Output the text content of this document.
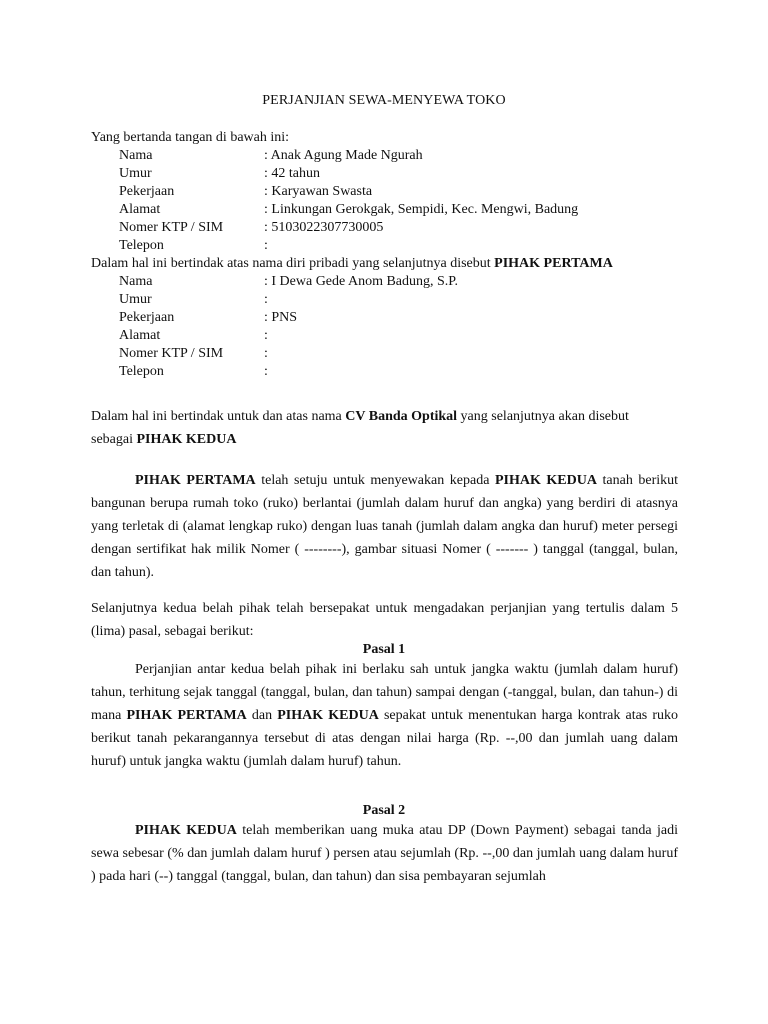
PERJANJIAN SEWA-MENYEWA TOKO
Yang bertanda tangan di bawah ini:
Nama	: Anak Agung Made Ngurah
Umur	: 42 tahun
Pekerjaan	: Karyawan Swasta
Alamat	: Linkungan Gerokgak, Sempidi, Kec. Mengwi, Badung
Nomer KTP / SIM	: 5103022307730005
Telepon	:
Dalam hal ini bertindak atas nama diri pribadi yang selanjutnya disebut PIHAK PERTAMA
Nama	: I Dewa Gede Anom Badung, S.P.
Umur	:
Pekerjaan	: PNS
Alamat	:
Nomer KTP / SIM	:
Telepon	:
Dalam hal ini bertindak untuk dan atas nama CV Banda Optikal yang selanjutnya akan disebut
sebagai PIHAK KEDUA
PIHAK PERTAMA telah setuju untuk menyewakan kepada PIHAK KEDUA tanah berikut bangunan berupa rumah toko (ruko) berlantai (jumlah dalam huruf dan angka) yang berdiri di atasnya yang terletak di (alamat lengkap ruko) dengan luas tanah (jumlah dalam angka dan huruf) meter persegi dengan sertifikat hak milik Nomer ( --------), gambar situasi Nomer ( ------- ) tanggal (tanggal, bulan, dan tahun).
Selanjutnya kedua belah pihak telah bersepakat untuk mengadakan perjanjian yang tertulis dalam 5 (lima) pasal, sebagai berikut:
Pasal 1
Perjanjian antar kedua belah pihak ini berlaku sah untuk jangka waktu (jumlah dalam huruf) tahun, terhitung sejak tanggal (tanggal, bulan, dan tahun) sampai dengan (-tanggal, bulan, dan tahun-) di mana PIHAK PERTAMA dan PIHAK KEDUA sepakat untuk menentukan harga kontrak atas ruko berikut tanah pekarangannya tersebut di atas dengan nilai harga (Rp. --,00 dan jumlah uang dalam huruf) untuk jangka waktu (jumlah dalam huruf) tahun.
Pasal 2
PIHAK KEDUA telah memberikan uang muka atau DP (Down Payment) sebagai tanda jadi sewa sebesar (% dan jumlah dalam huruf ) persen atau sejumlah (Rp. --,00 dan jumlah uang dalam huruf ) pada hari (--) tanggal (tanggal, bulan, dan tahun) dan sisa pembayaran sejumlah
